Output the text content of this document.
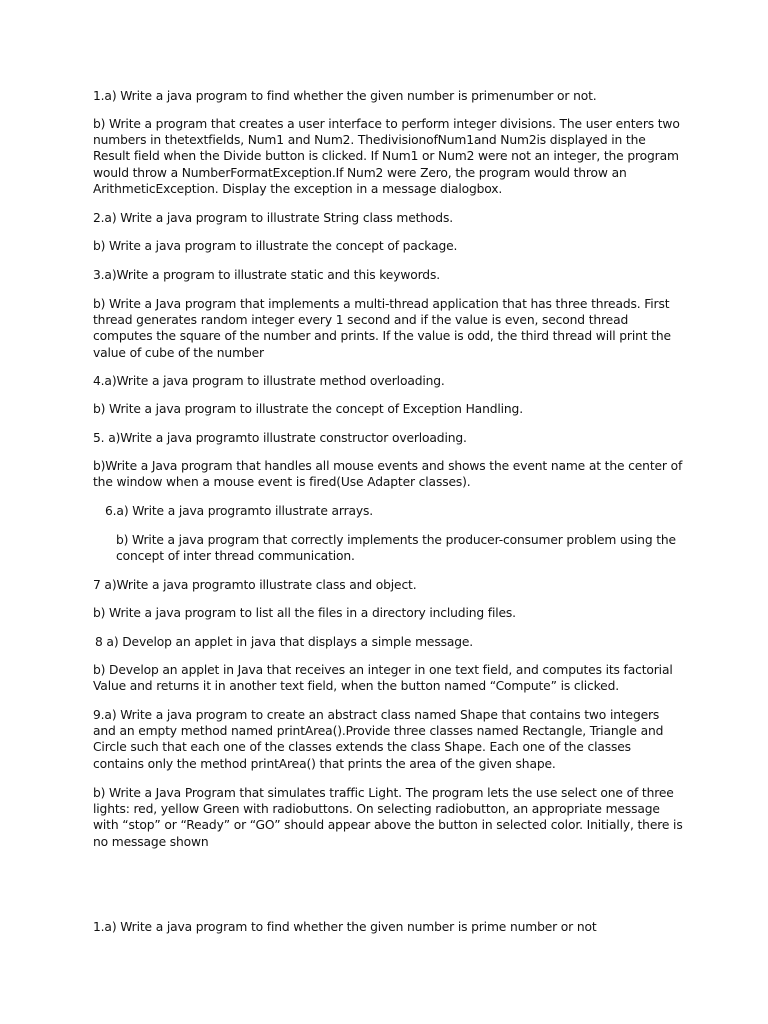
1.a) Write a java program to find whether the given number is primenumber or not.

b) Write a program that creates a user interface to perform integer divisions. The user enters two numbers in thetextfields, Num1 and Num2. ThedivisionofNum1and Num2is displayed in the Result field when the Divide button is clicked. If Num1 or Num2 were not an integer, the program would throw a NumberFormatException.If Num2 were Zero, the program would throw an ArithmeticException. Display the exception in a message dialogbox.

2.a) Write a java program to illustrate String class methods.

b) Write a java program to illustrate the concept of package.

3.a)Write a program to illustrate static and this keywords.

b) Write a Java program that implements a multi-thread application that has three threads. First thread generates random integer every 1 second and if the value is even, second thread computes the square of the number and prints. If the value is odd, the third thread will print the value of cube of the number

4.a)Write a java program to illustrate method overloading.

b) Write a java program to illustrate the concept of Exception Handling.

5. a)Write a java programto illustrate constructor overloading.

b)Write a Java program that handles all mouse events and shows the event name at the center of the window when a mouse event is fired(Use Adapter classes).

6.a) Write a java programto illustrate arrays.

b) Write a java program that correctly implements the producer-consumer problem using the concept of inter thread communication.

7 a)Write a java programto illustrate class and object.

b) Write a java program to list all the files in a directory including files.

8 a) Develop an applet in java that displays a simple message.

b) Develop an applet in Java that receives an integer in one text field, and computes its factorial Value and returns it in another text field, when the button named “Compute” is clicked.

9.a) Write a java program to create an abstract class named Shape that contains two integers and an empty method named printArea().Provide three classes named Rectangle, Triangle and Circle such that each one of the classes extends the class Shape. Each one of the classes contains only the method printArea() that prints the area of the given shape.

b) Write a Java Program that simulates traffic Light. The program lets the use select one of three lights: red, yellow Green with radiobuttons. On selecting radiobutton, an appropriate message with “stop” or “Ready” or “GO” should appear above the button in selected color. Initially, there is no message shown

1.a) Write a java program to find whether the given number is prime number or not
